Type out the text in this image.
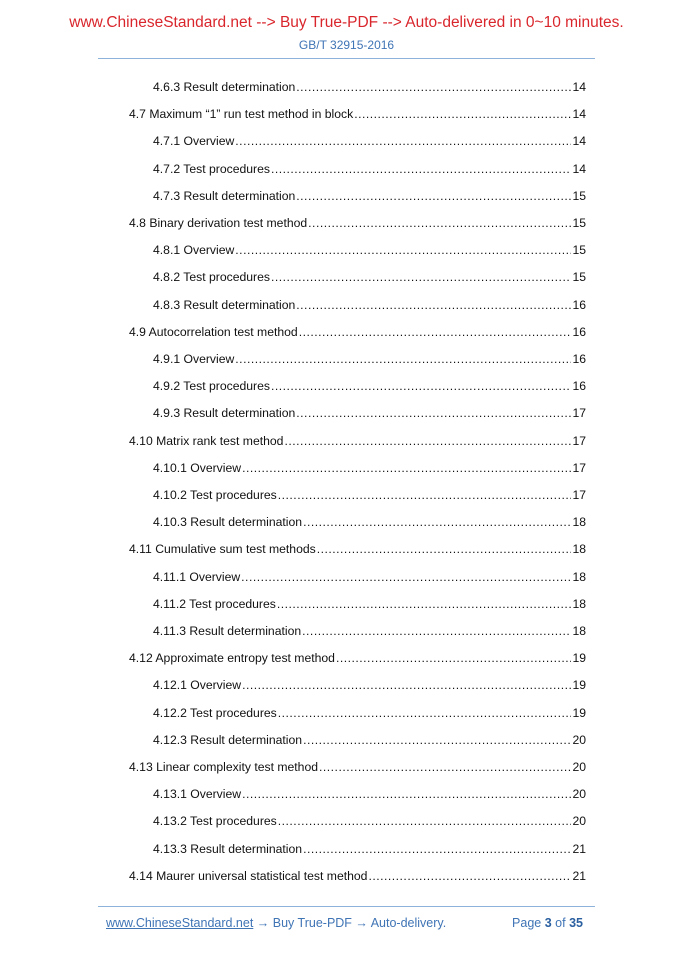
www.ChineseStandard.net --> Buy True-PDF --> Auto-delivered in 0~10 minutes.
GB/T 32915-2016
4.6.3 Result determination .....	14
4.7 Maximum “1” run test method in block .....	14
4.7.1 Overview .....	14
4.7.2 Test procedures .....	14
4.7.3 Result determination .....	15
4.8 Binary derivation test method .....	15
4.8.1 Overview .....	15
4.8.2 Test procedures .....	15
4.8.3 Result determination .....	16
4.9 Autocorrelation test method .....	16
4.9.1 Overview .....	16
4.9.2 Test procedures .....	16
4.9.3 Result determination .....	17
4.10 Matrix rank test method .....	17
4.10.1 Overview .....	17
4.10.2 Test procedures .....	17
4.10.3 Result determination .....	18
4.11 Cumulative sum test methods .....	18
4.11.1 Overview .....	18
4.11.2 Test procedures .....	18
4.11.3 Result determination .....	18
4.12 Approximate entropy test method .....	19
4.12.1 Overview .....	19
4.12.2 Test procedures .....	19
4.12.3 Result determination .....	20
4.13 Linear complexity test method .....	20
4.13.1 Overview .....	20
4.13.2 Test procedures .....	20
4.13.3 Result determination .....	21
4.14 Maurer universal statistical test method .....	21
www.ChineseStandard.net → Buy True-PDF → Auto-delivery.	Page 3 of 35
